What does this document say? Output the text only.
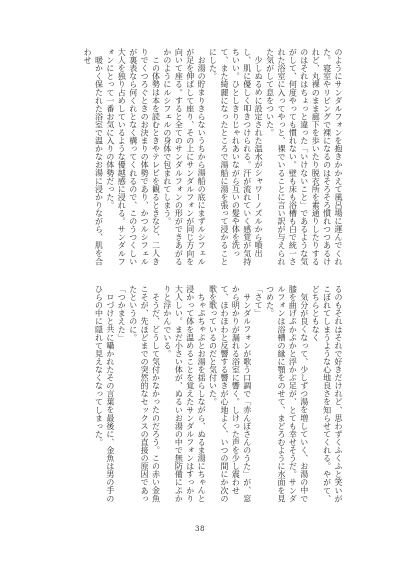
のようにサンダルフォンを抱きかかえて風呂場に運んでくれた。寝室やリビングで裸になるのはそろそろ慣れつつあるけれど、丸裸のまま廊下を歩いたり脱衣所を素通りしたりするのはそれはちょっと違った「いけないこと」であるような気がして、何度やっても慣れない。壁も床も浴槽も白で統一された浴室に入ってやっと、裸でいることに言い訳が与えられた気がして息をついた。

少しぬるめに設定された温水がシャワーノズルから噴出し、肌に優しく叩きつけられる。汗が流れていく感覚が気持ちいい。ひとしきりじゃれあいながら互いの髪や体を洗って、また綺麗になったところで湯船に湯を張って浸かることにした。

お湯の貯まりきらないうちから湯船の底にまずルシフェルが足を伸ばして座り、その上にサンダルフォンが同じ方向を向いて座る。すると全てのサンダルフォンの形ができあがるかのようにルシフェルの身体で包まれてしまう。

この体勢は本を読むときやテレビを観るときなど、二人きりでくつろぐときのお決まりの体勢であり、かつルシフェルが裏表なら何くれとなく構ってくれるので、このうつくしい大人を独り占めしているような優越感に浸れる。サンダルフォンにとって一番お気に入りの体勢だった。

暖かく保たれた浴室で温かなお湯に浸かりながら、肌を合わせ

るのもそれはそれで好きだけれど、思わずくふくふと笑いがこぼれてしまうような心地良さを知らせてくれる。やがて、どちらともなく

気分が良くなって、少しずつ湯を増していく、お湯の中で膝を曲げぷかぷかと浮かぶ足が、とても幸せそうだ。サンダルフォンは浴槽の縁に顎をのせて、まどろむように水面を見つめた。

「さて」

サンダルフォンが歌う口調で「赤んぼさんのうた」が、窓から明かりが漏れる浴室に響く。しけった声を少し震わせて、ほわほわと反響する響きが心地よく、いつの間にか次の歌を歌っているのだと気付いた。

ちゃぷちゃぷとお湯を揺らしながら、ぬるま湯にちゃんと浸かって体を温めることを覚えたサンダルフォンはすっかり大人しい。まだ小さい体が、ぬるいお湯の中で無防備にぷかりと浮かんでいる。

そうだ、どうして気付かなかったのだろう。この赤い金魚こそが、先ほどまでの突然的なセックスの直接の原因であったというのに。

「つかまえた」

ロづけと共に囁かれたその言葉を最後に、金魚は男の手のひらの中に隠れて見えなくなってしまった。

38
